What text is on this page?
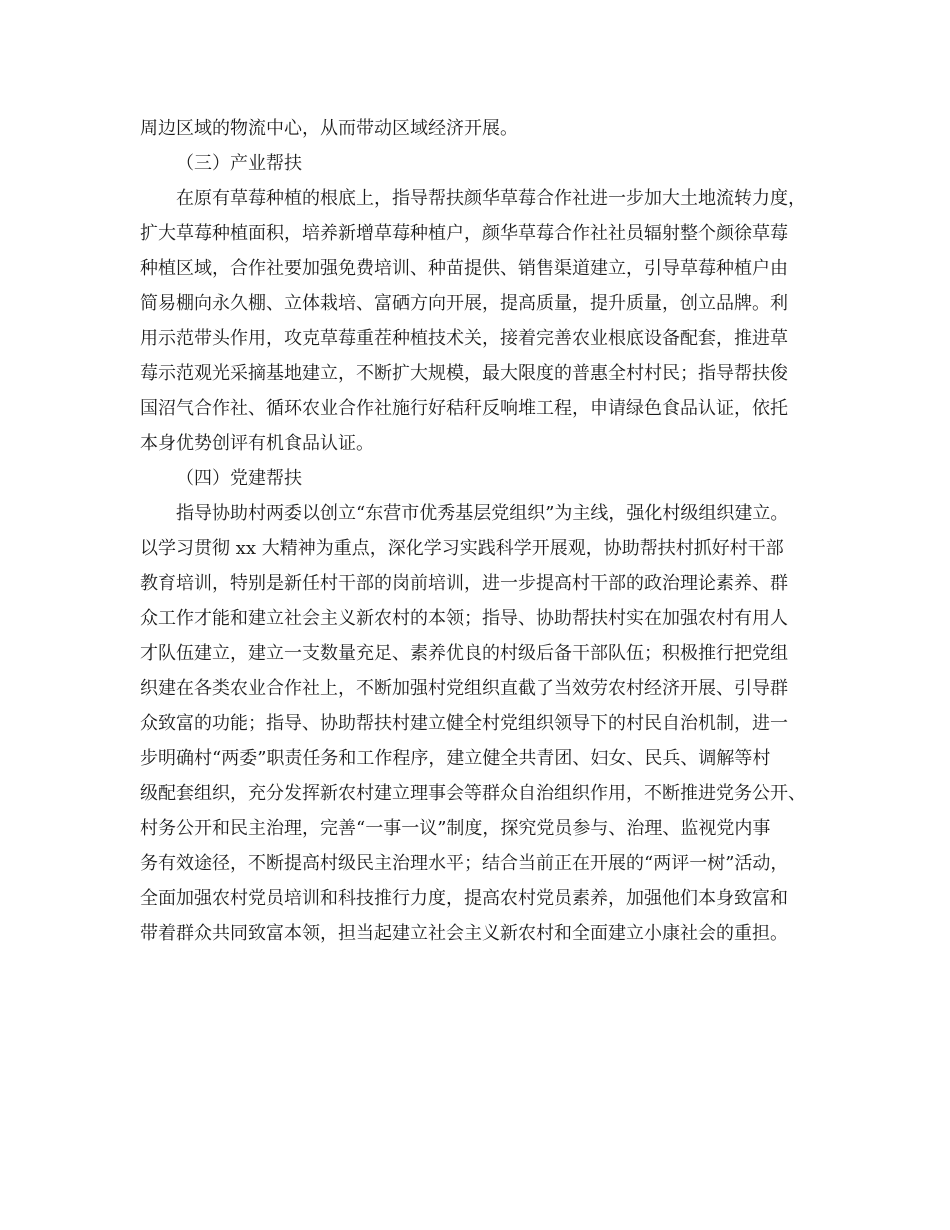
周边区域的物流中心，从而带动区域经济开展。

（三）产业帮扶

在原有草莓种植的根底上，指导帮扶颜华草莓合作社进一步加大土地流转力度，

扩大草莓种植面积，培养新增草莓种植户，颜华草莓合作社社员辐射整个颜徐草莓

种植区域，合作社要加强免费培训、种苗提供、销售渠道建立，引导草莓种植户由

简易棚向永久棚、立体栽培、富硒方向开展，提高质量，提升质量，创立品牌。利

用示范带头作用，攻克草莓重茬种植技术关，接着完善农业根底设备配套，推进草

莓示范观光采摘基地建立，不断扩大规模，最大限度的普惠全村村民；指导帮扶俊

国沼气合作社、循环农业合作社施行好秸秆反响堆工程，申请绿色食品认证，依托

本身优势创评有机食品认证。

（四）党建帮扶

指导协助村两委以创立“东营市优秀基层党组织”为主线，强化村级组织建立。

以学习贯彻 xx 大精神为重点，深化学习实践科学开展观，协助帮扶村抓好村干部

教育培训，特别是新任村干部的岗前培训，进一步提高村干部的政治理论素养、群

众工作才能和建立社会主义新农村的本领；指导、协助帮扶村实在加强农村有用人

才队伍建立，建立一支数量充足、素养优良的村级后备干部队伍；积极推行把党组

织建在各类农业合作社上，不断加强村党组织直截了当效劳农村经济开展、引导群

众致富的功能；指导、协助帮扶村建立健全村党组织领导下的村民自治机制，进一

步明确村“两委”职责任务和工作程序，建立健全共青团、妇女、民兵、调解等村

级配套组织，充分发挥新农村建立理事会等群众自治组织作用，不断推进党务公开、

村务公开和民主治理，完善“一事一议”制度，探究党员参与、治理、监视党内事

务有效途径，不断提高村级民主治理水平；结合当前正在开展的“两评一树”活动，

全面加强农村党员培训和科技推行力度，提高农村党员素养，加强他们本身致富和

带着群众共同致富本领，担当起建立社会主义新农村和全面建立小康社会的重担。
